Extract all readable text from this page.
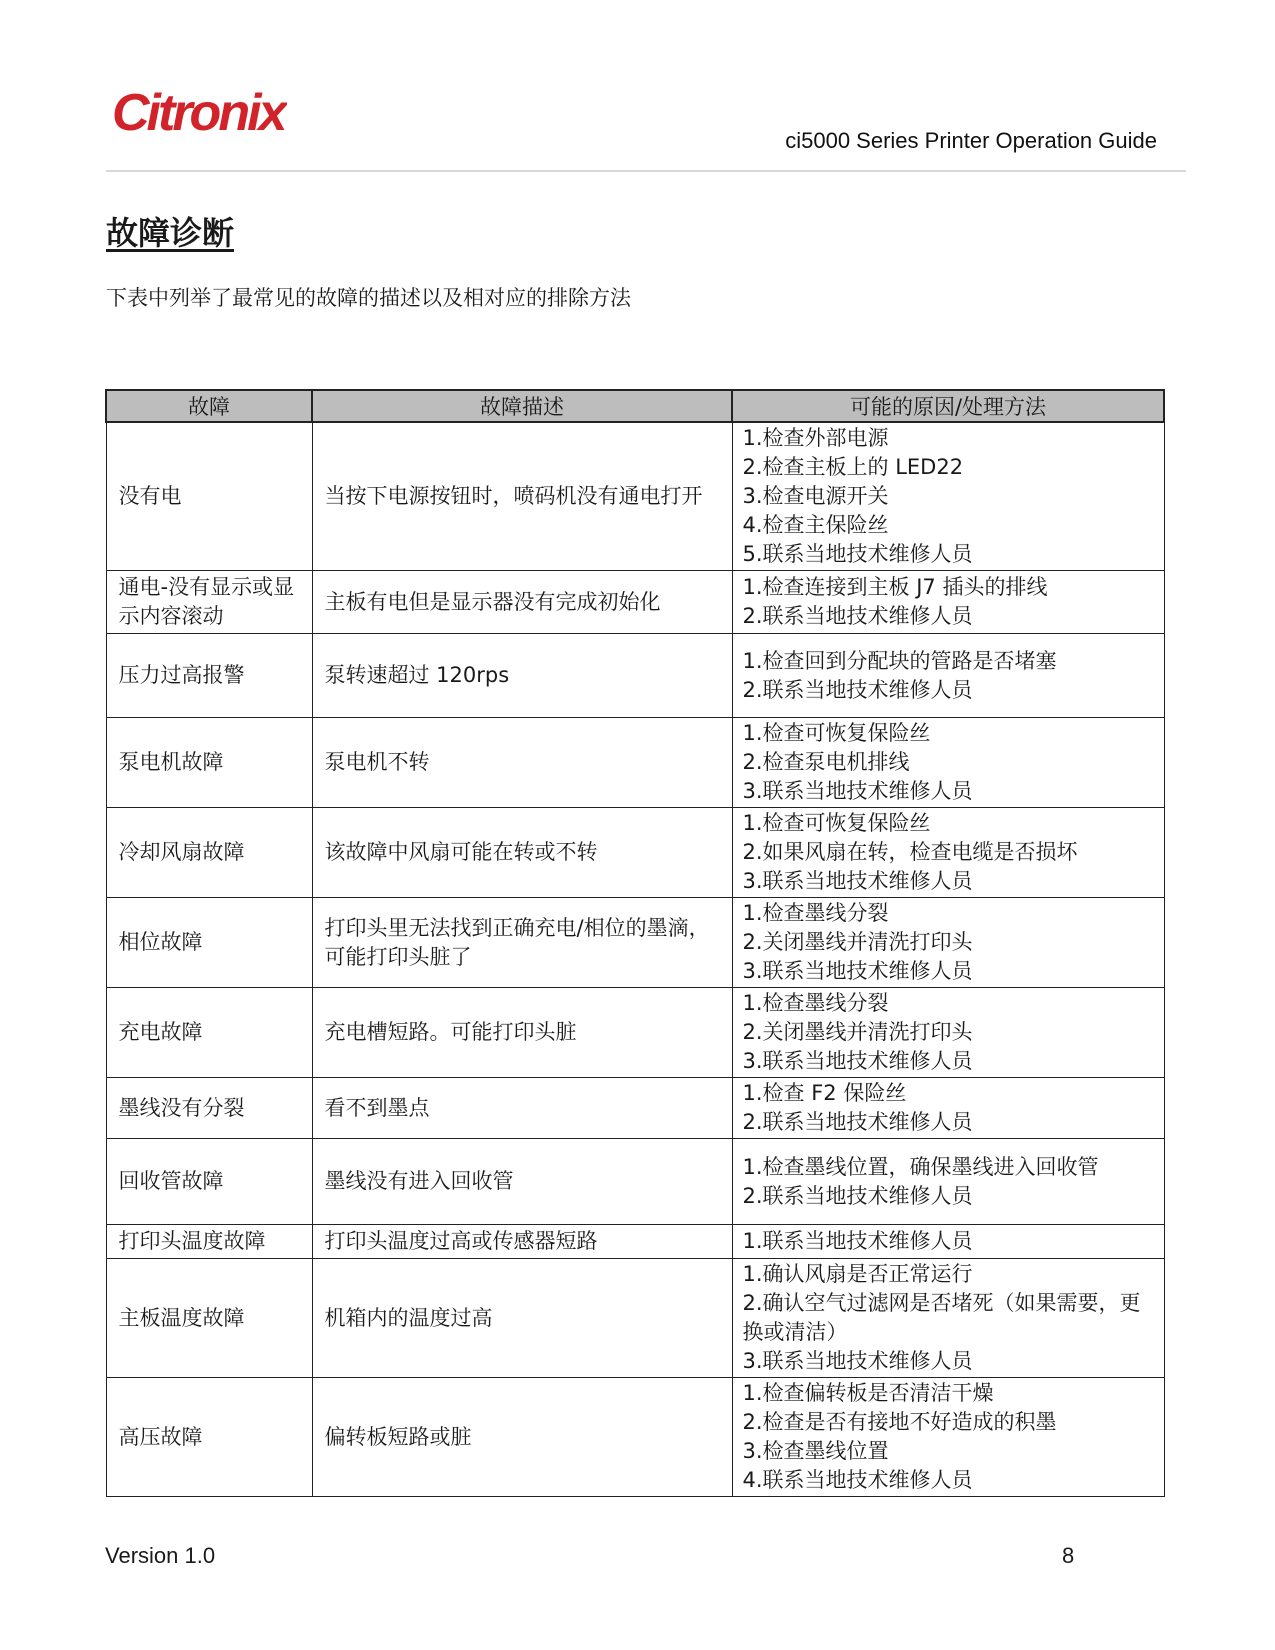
Citronix	ci5000 Series Printer Operation Guide
故障诊断

下表中列举了最常见的故障的描述以及相对应的排除方法

故障	故障描述	可能的原因/处理方法
没有电	当按下电源按钮时，喷码机没有通电打开	1.检查外部电源
2.检查主板上的 LED22
3.检查电源开关
4.检查主保险丝
5.联系当地技术维修人员

通电-没有显示或显示内容滚动	主板有电但是显示器没有完成初始化	1.检查连接到主板 J7 插头的排线
2.联系当地技术维修人员

压力过高报警	泵转速超过 120rps	1.检查回到分配块的管路是否堵塞
2.联系当地技术维修人员

泵电机故障	泵电机不转	1.检查可恢复保险丝
2.检查泵电机排线
3.联系当地技术维修人员

冷却风扇故障	该故障中风扇可能在转或不转	1.检查可恢复保险丝
2.如果风扇在转，检查电缆是否损坏
3.联系当地技术维修人员

相位故障	打印头里无法找到正确充电/相位的墨滴，可能打印头脏了	1.检查墨线分裂
2.关闭墨线并清洗打印头
3.联系当地技术维修人员

充电故障	充电槽短路。可能打印头脏	1.检查墨线分裂
2.关闭墨线并清洗打印头
3.联系当地技术维修人员

墨线没有分裂	看不到墨点	1.检查 F2 保险丝
2.联系当地技术维修人员

回收管故障	墨线没有进入回收管	1.检查墨线位置，确保墨线进入回收管
2.联系当地技术维修人员

打印头温度故障	打印头温度过高或传感器短路	1.联系当地技术维修人员

主板温度故障	机箱内的温度过高	1.确认风扇是否正常运行
2.确认空气过滤网是否堵死（如果需要，更换或清洁）
3.联系当地技术维修人员

高压故障	偏转板短路或脏	1.检查偏转板是否清洁干燥
2.检查是否有接地不好造成的积墨
3.检查墨线位置
4.联系当地技术维修人员
Version 1.0	8
